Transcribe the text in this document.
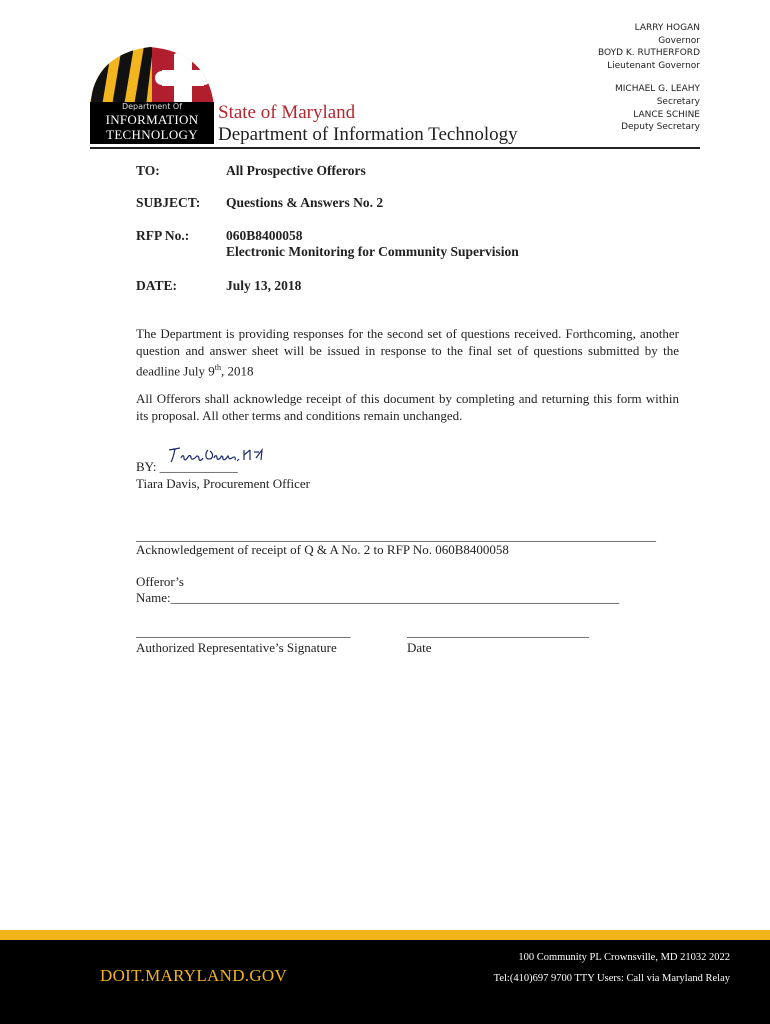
LARRY HOGAN
Governor
BOYD K. RUTHERFORD
Lieutenant Governor
MICHAEL G. LEAHY
Secretary
LANCE SCHINE
Deputy Secretary
Department Of
INFORMATION
TECHNOLOGY
State of Maryland
Department of Information Technology
TO:	All Prospective Offerors
SUBJECT: Questions & Answers No. 2
RFP No.:	060B8400058
Electronic Monitoring for Community Supervision
DATE:	July 13, 2018
The Department is providing responses for the second set of questions received. Forthcoming, another question and answer sheet will be issued in response to the final set of questions submitted by the deadline July 9th, 2018
All Offerors shall acknowledge receipt of this document by completing and returning this form within its proposal. All other terms and conditions remain unchanged.
BY: ____________
Tiara Davis, Procurement Officer
________________________________________________________________________________
Acknowledgement of receipt of Q & A No. 2 to RFP No. 060B8400058
Offeror’s
Name:_____________________________________________________________________
_________________________________
Authorized Representative’s Signature
____________________________
Date
DOIT.MARYLAND.GOV
100 Community PL Crownsville, MD 21032 2022
Tel:(410)697 9700 TTY Users: Call via Maryland Relay
